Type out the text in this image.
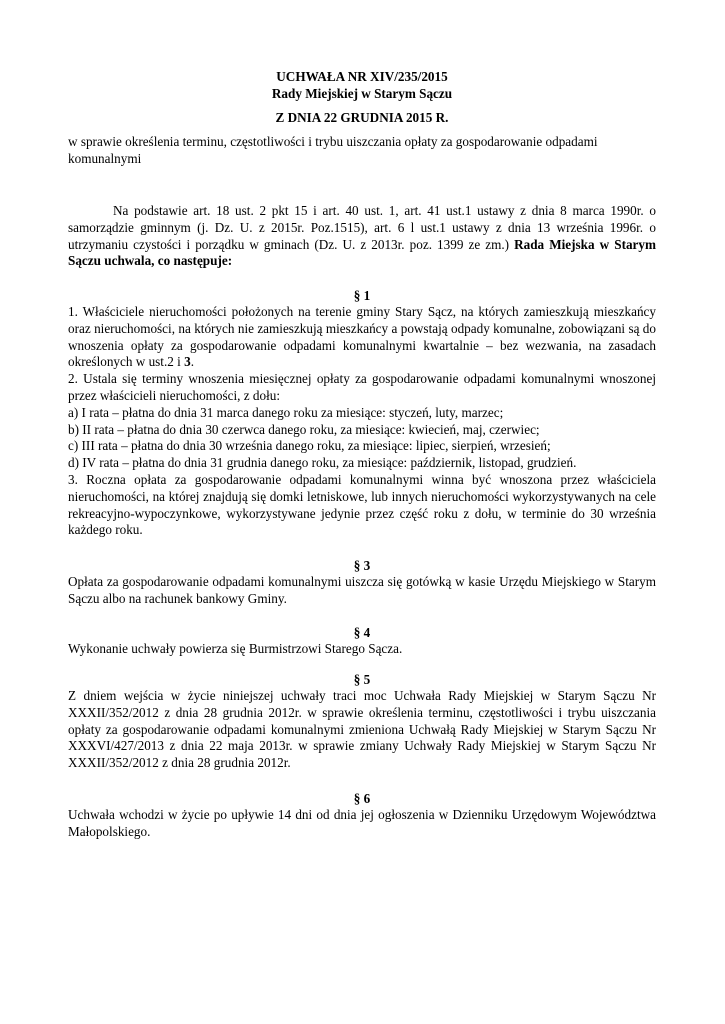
UCHWAŁA NR XIV/235/2015
Rady Miejskiej w Starym Sączu
Z DNIA 22 GRUDNIA 2015 R.
w sprawie określenia terminu, częstotliwości i trybu uiszczania opłaty za gospodarowanie odpadami komunalnymi
Na podstawie art. 18 ust. 2 pkt 15 i art. 40 ust. 1, art. 41 ust.1 ustawy z dnia 8 marca 1990r. o samorządzie gminnym (j. Dz. U. z 2015r. Poz.1515), art. 6 l ust.1 ustawy z dnia 13 września 1996r. o utrzymaniu czystości i porządku w gminach (Dz. U. z 2013r. poz. 1399 ze zm.) Rada Miejska w Starym Sączu uchwala, co następuje:
§ 1

1. Właściciele nieruchomości położonych na terenie gminy Stary Sącz, na których zamieszkują mieszkańcy oraz nieruchomości, na których nie zamieszkują mieszkańcy a powstają odpady komunalne, zobowiązani są do wnoszenia opłaty za gospodarowanie odpadami komunalnymi kwartalnie – bez wezwania, na zasadach określonych w ust.2 i 3.

2. Ustala się terminy wnoszenia miesięcznej opłaty za gospodarowanie odpadami komunalnymi wnoszonej przez właścicieli nieruchomości, z dołu:

a) I rata – płatna do dnia 31 marca danego roku za miesiące: styczeń, luty, marzec;

b) II rata – płatna do dnia 30 czerwca danego roku, za miesiące: kwiecień, maj, czerwiec;

c) III rata – płatna do dnia 30 września danego roku, za miesiące: lipiec, sierpień, wrzesień;

d) IV rata – płatna do dnia 31 grudnia danego roku, za miesiące: październik, listopad, grudzień.

3. Roczna opłata za gospodarowanie odpadami komunalnymi winna być wnoszona przez właściciela nieruchomości, na której znajdują się domki letniskowe, lub innych nieruchomości wykorzystywanych na cele rekreacyjno-wypoczynkowe, wykorzystywane jedynie przez część roku z dołu, w terminie do 30 września każdego roku.

§ 3
Opłata za gospodarowanie odpadami komunalnymi uiszcza się gotówką w kasie Urzędu Miejskiego w Starym Sączu albo na rachunek bankowy Gminy.
§ 4
Wykonanie uchwały powierza się Burmistrzowi Starego Sącza.
§ 5
Z dniem wejścia w życie niniejszej uchwały traci moc Uchwała Rady Miejskiej w Starym Sączu Nr XXXII/352/2012 z dnia 28 grudnia 2012r. w sprawie określenia terminu, częstotliwości i trybu uiszczania opłaty za gospodarowanie odpadami komunalnymi zmieniona Uchwałą Rady Miejskiej w Starym Sączu Nr XXXVI/427/2013 z dnia 22 maja 2013r. w sprawie zmiany Uchwały Rady Miejskiej w Starym Sączu Nr XXXII/352/2012 z dnia 28 grudnia 2012r.
§ 6
Uchwała wchodzi w życie po upływie 14 dni od dnia jej ogłoszenia w Dzienniku Urzędowym Województwa Małopolskiego.
